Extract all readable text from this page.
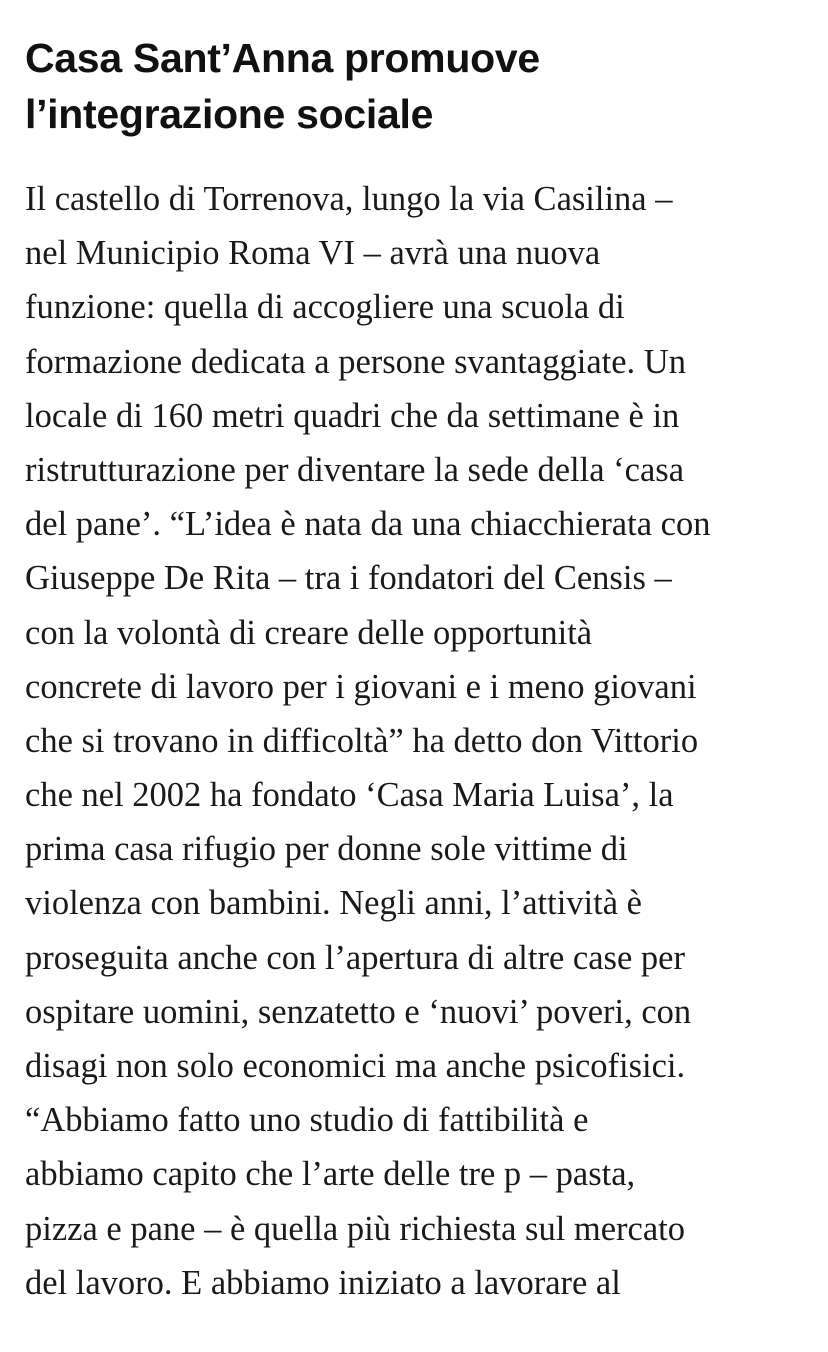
Casa Sant’Anna promuove
l’integrazione sociale
Il castello di Torrenova, lungo la via Casilina –
nel Municipio Roma VI – avrà una nuova
funzione: quella di accogliere una scuola di
formazione dedicata a persone svantaggiate. Un
locale di 160 metri quadri che da settimane è in
ristrutturazione per diventare la sede della ‘casa
del pane’. “L’idea è nata da una chiacchierata con
Giuseppe De Rita – tra i fondatori del Censis –
con la volontà di creare delle opportunità
concrete di lavoro per i giovani e i meno giovani
che si trovano in difficoltà” ha detto don Vittorio
che nel 2002 ha fondato ‘Casa Maria Luisa’, la
prima casa rifugio per donne sole vittime di
violenza con bambini. Negli anni, l’attività è
proseguita anche con l’apertura di altre case per
ospitare uomini, senzatetto e ‘nuovi’ poveri, con
disagi non solo economici ma anche psicofisici.
“Abbiamo fatto uno studio di fattibilità e
abbiamo capito che l’arte delle tre p – pasta,
pizza e pane – è quella più richiesta sul mercato
del lavoro. E abbiamo iniziato a lavorare al
